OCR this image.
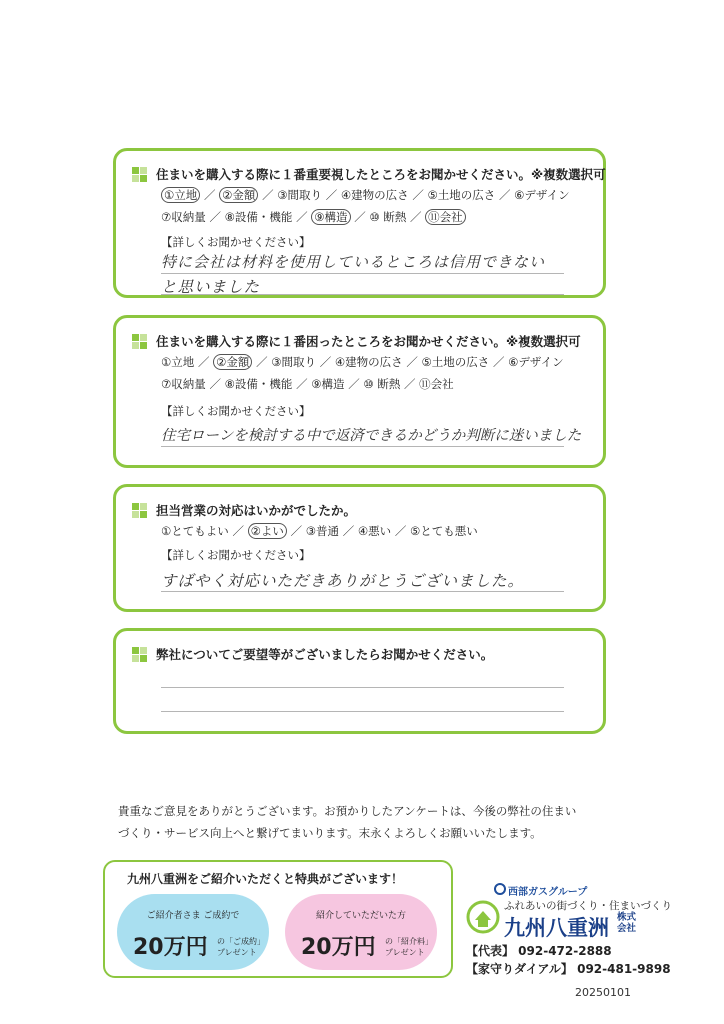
住まいを購入する際に１番重要視したところをお聞かせください。※複数選択可
①立地 ／ ②金額 ／ ③間取り ／ ④建物の広さ ／ ⑤土地の広さ ／ ⑥デザイン
⑦収納量 ／ ⑧設備・機能 ／ ⑨構造 ／ ⑩ 断熱 ／ ⑪会社
【詳しくお聞かせください】
特に会社は材料を使用しているところは信用できない
と思いました
住まいを購入する際に１番困ったところをお聞かせください。※複数選択可
①立地 ／ ②金額 ／ ③間取り ／ ④建物の広さ ／ ⑤土地の広さ ／ ⑥デザイン
⑦収納量 ／ ⑧設備・機能 ／ ⑨構造 ／ ⑩ 断熱 ／ ⑪会社
【詳しくお聞かせください】
住宅ローンを検討する中で返済できるかどうか判断に迷いました
担当営業の対応はいかがでしたか。
①とてもよい ／ ②よい ／ ③普通 ／ ④悪い ／ ⑤とても悪い
【詳しくお聞かせください】
すばやく対応いただきありがとうございました。
弊社についてご要望等がございましたらお聞かせください。
貴重なご意見をありがとうございます。お預かりしたアンケートは、今後の弊社の住まい
づくり・サービス向上へと繋げてまいります。末永くよろしくお願いいたします。
九州八重洲をご紹介いただくと特典がございます！
ご紹介者さま ご成約で
20万円 の「ご成約」
プレゼント
紹介していただいた方
20万円 の「紹介料」
プレゼント
西部ガスグループ
ふれあいの街づくり・住まいづくり
九州八重洲 株式会社
【代表】 092-472-2888
【家守りダイアル】 092-481-9898
20250101
